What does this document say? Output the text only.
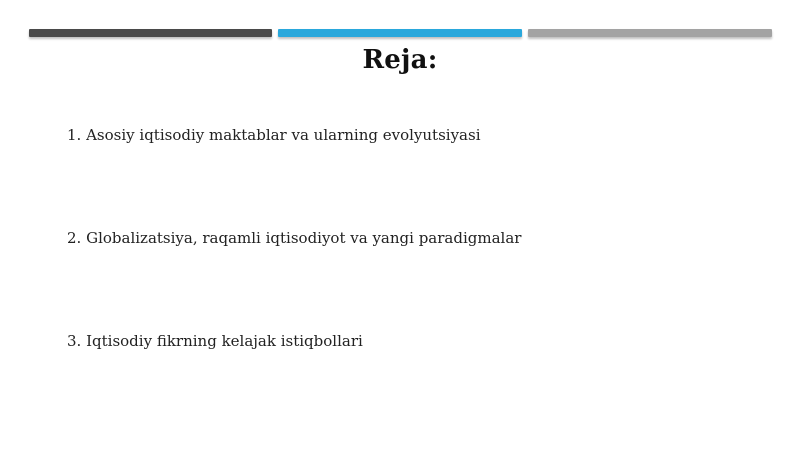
Reja:
1. Asosiy iqtisodiy maktablar va ularning evolyutsiyasi
2. Globalizatsiya, raqamli iqtisodiyot va yangi paradigmalar
3. Iqtisodiy fikrning kelajak istiqbollari
